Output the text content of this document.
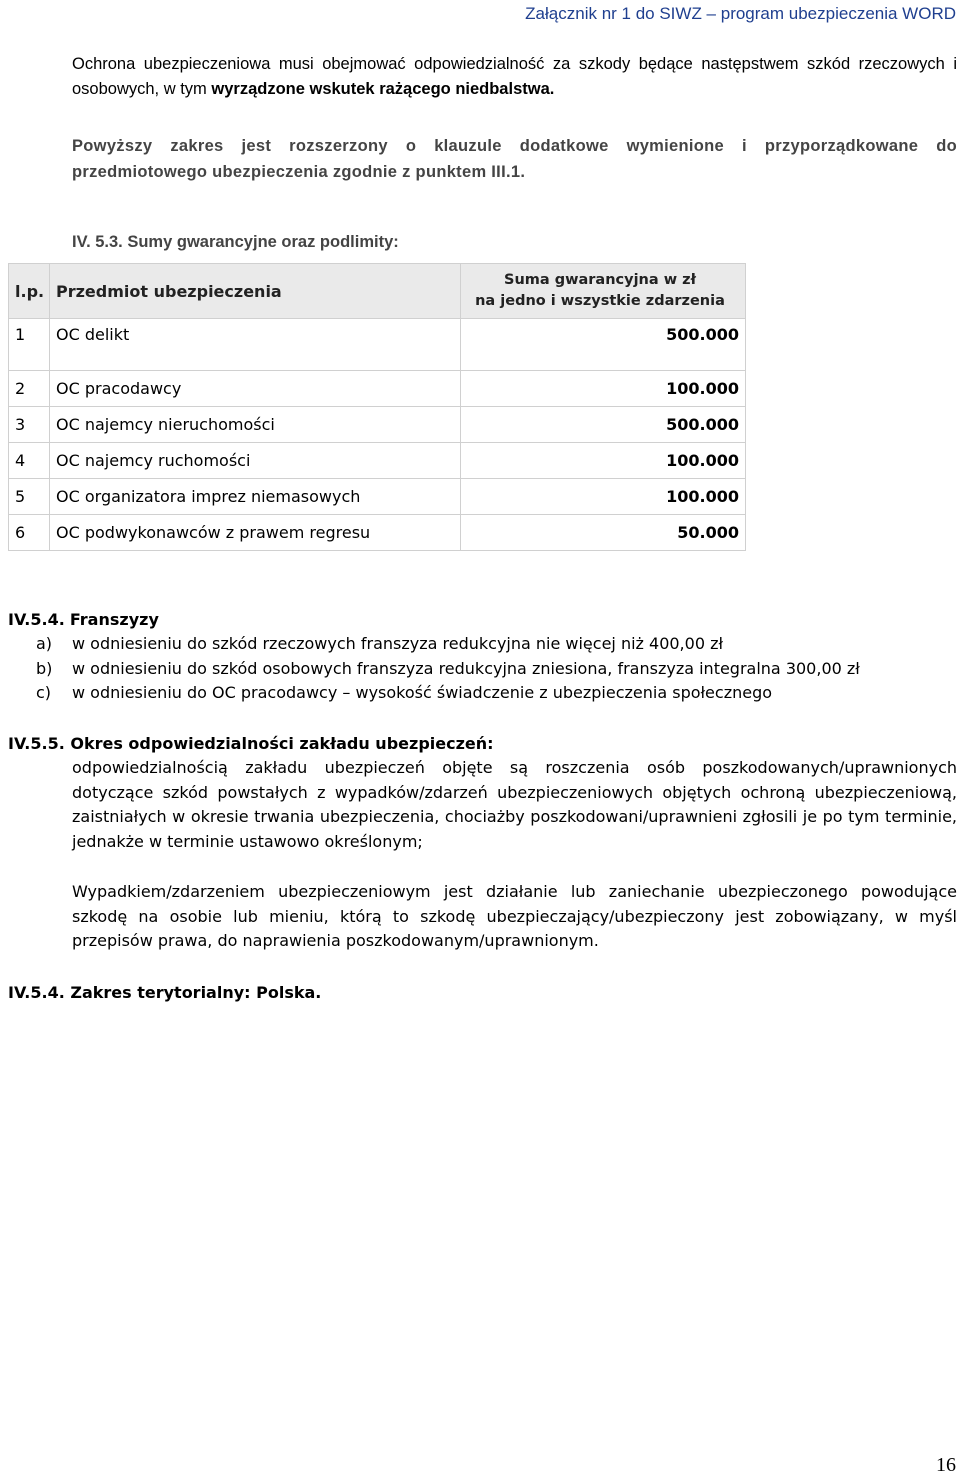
Załącznik nr 1 do SIWZ – program ubezpieczenia WORD
Ochrona ubezpieczeniowa musi obejmować odpowiedzialność za szkody będące następstwem szkód rzeczowych i osobowych, w tym wyrządzone wskutek rażącego niedbalstwa.
Powyższy zakres jest rozszerzony o klauzule dodatkowe wymienione i przyporządkowane do przedmiotowego ubezpieczenia zgodnie z punktem III.1.
IV. 5.3. Sumy gwarancyjne oraz podlimity:
l.p.	Przedmiot ubezpieczenia	Suma gwarancyjna w zł
na jedno i wszystkie zdarzenia

1	OC delikt	500.000
2	OC pracodawcy	100.000
3	OC najemcy nieruchomości	500.000
4	OC najemcy ruchomości	100.000
5	OC organizatora imprez niemasowych	100.000
6	OC podwykonawców z prawem regresu	50.000
IV.5.4. Franszyzy
a)	w odniesieniu do szkód rzeczowych franszyza redukcyjna nie więcej niż 400,00 zł
b)	w odniesieniu do szkód osobowych franszyza redukcyjna zniesiona, franszyza integralna 300,00 zł
c)	w odniesieniu do OC pracodawcy – wysokość świadczenie z ubezpieczenia społecznego
IV.5.5. Okres odpowiedzialności zakładu ubezpieczeń:
odpowiedzialnością zakładu ubezpieczeń objęte są roszczenia osób poszkodowanych/uprawnionych dotyczące szkód powstałych z wypadków/zdarzeń ubezpieczeniowych objętych ochroną ubezpieczeniową, zaistniałych w okresie trwania ubezpieczenia, chociażby poszkodowani/uprawnieni zgłosili je po tym terminie, jednakże w terminie ustawowo określonym;
Wypadkiem/zdarzeniem ubezpieczeniowym jest działanie lub zaniechanie ubezpieczonego powodujące szkodę na osobie lub mieniu, którą to szkodę ubezpieczający/ubezpieczony jest zobowiązany, w myśl przepisów prawa, do naprawienia poszkodowanym/uprawnionym.
IV.5.4. Zakres terytorialny: Polska.
16
